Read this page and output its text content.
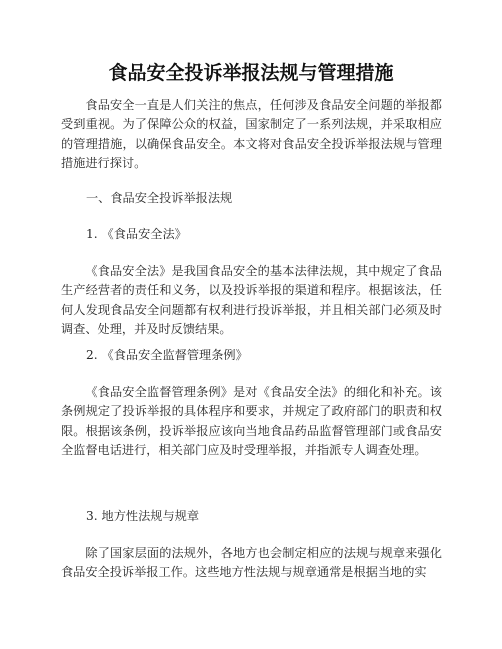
食品安全投诉举报法规与管理措施

食品安全一直是人们关注的焦点，任何涉及食品安全问题的举报都受到重视。为了保障公众的权益，国家制定了一系列法规，并采取相应的管理措施，以确保食品安全。本文将对食品安全投诉举报法规与管理措施进行探讨。

一、食品安全投诉举报法规

1. 《食品安全法》

《食品安全法》是我国食品安全的基本法律法规，其中规定了食品生产经营者的责任和义务，以及投诉举报的渠道和程序。根据该法，任何人发现食品安全问题都有权利进行投诉举报，并且相关部门必须及时调查、处理，并及时反馈结果。

2. 《食品安全监督管理条例》

《食品安全监督管理条例》是对《食品安全法》的细化和补充。该条例规定了投诉举报的具体程序和要求，并规定了政府部门的职责和权限。根据该条例，投诉举报应该向当地食品药品监督管理部门或食品安全监督电话进行，相关部门应及时受理举报，并指派专人调查处理。

3. 地方性法规与规章

除了国家层面的法规外，各地方也会制定相应的法规与规章来强化食品安全投诉举报工作。这些地方性法规与规章通常是根据当地的实
